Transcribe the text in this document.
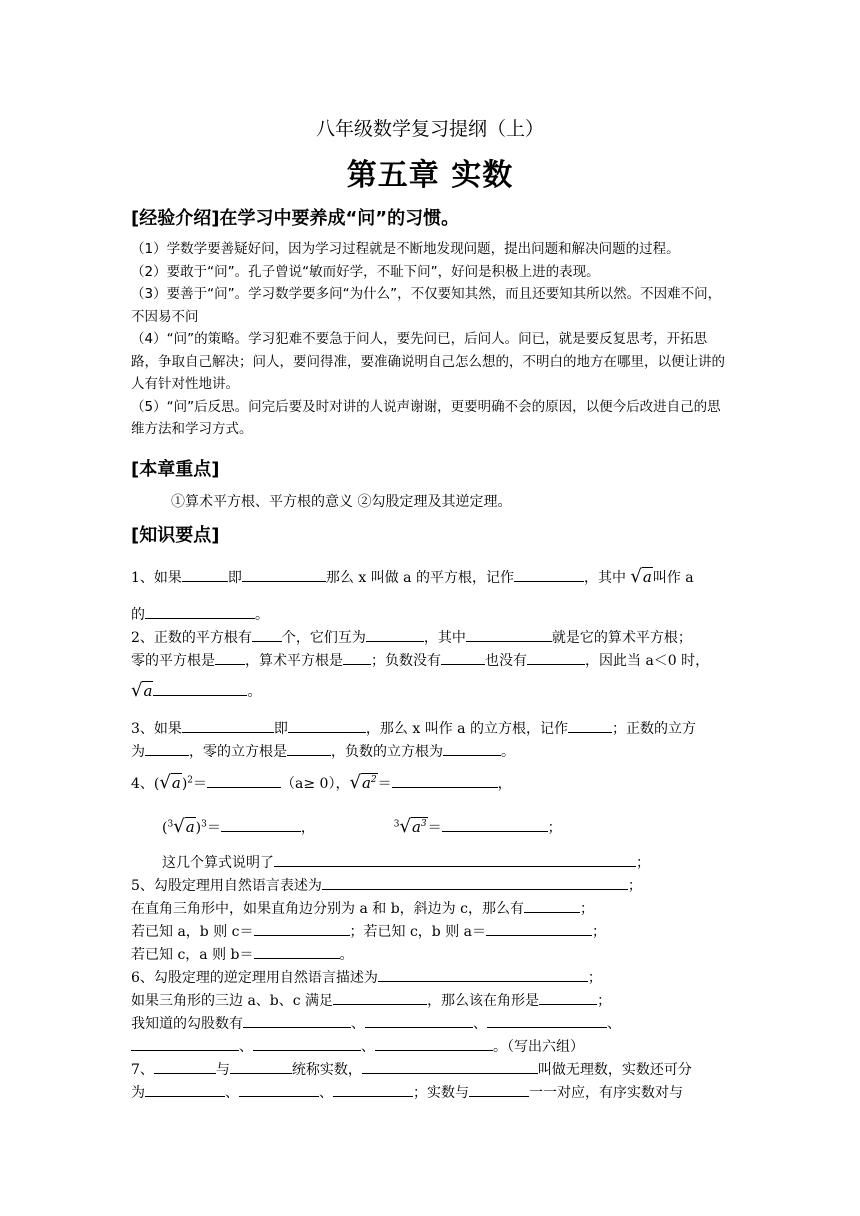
八年级数学复习提纲（上）
第五章 实数
[经验介绍]在学习中要养成“问”的习惯。
（1）学数学要善疑好问，因为学习过程就是不断地发现问题，提出问题和解决问题的过程。
（2）要敢于“问”。孔子曾说“敏而好学，不耻下问”，好问是积极上进的表现。
（3）要善于“问”。学习数学要多问“为什么”，不仅要知其然，而且还要知其所以然。不因难不问，不因易不问
（4）“问”的策略。学习犯难不要急于问人，要先问已，后问人。问已，就是要反复思考，开拓思路，争取自己解决；问人，要问得准，要准确说明自己怎么想的，不明白的地方在哪里，以便让讲的人有针对性地讲。
（5）“问”后反思。问完后要及时对讲的人说声谢谢，更要明确不会的原因，以便今后改进自己的思维方法和学习方式。
[本章重点]
①算术平方根、平方根的意义 ②勾股定理及其逆定理。
[知识要点]
1、如果	即	那么 x 叫做 a 的平方根，记作	，其中 √a叫作 a
的	。
2、正数的平方根有 个，它们互为	，其中	就是它的算术平方根；
零的平方根是 ，算术平方根是 ；负数没有	也没有	，因此当 a＜0 时，
√a	。
3、如果	即	，那么 x 叫作 a 的立方根，记作	；正数的立方
为	，零的立方根是	，负数的立方根为	。
4、$(√a)^2=$	（a≥ 0），$√a^2=$	，
$(^3√a)^3=$	，	$^3√a^3=$	；
这几个算式说明了	；
5、勾股定理用自然语言表述为	；
在直角三角形中，如果直角边分别为 a 和 b，斜边为 c，那么有	；
若已知 a，b 则 c＝	；若已知 c，b 则 a＝	；
若已知 c，a 则 b＝	。
6、勾股定理的逆定理用自然语言描述为	；
如果三角形的三边 a、b、c 满足	，那么该在角形是	；
我知道的勾股数有	、	、	、
、	、	。（写出六组）
7、	与	统称实数，	叫做无理数，实数还可分
为	、	、	；实数与	一一对应，有序实数对与
